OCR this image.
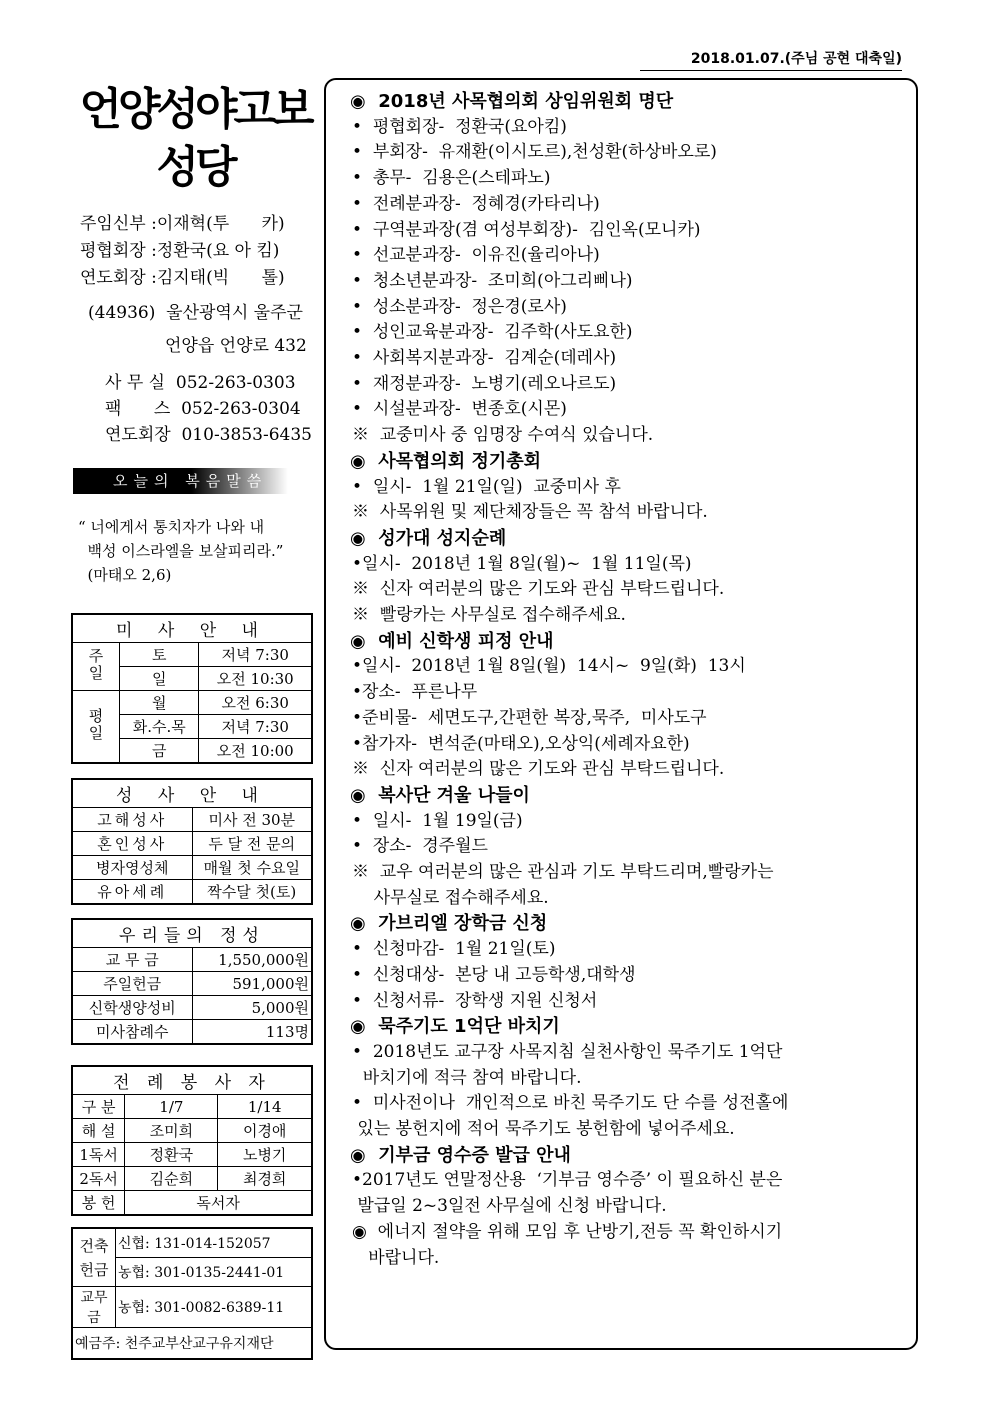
2018.01.07.(주님 공현 대축일)
언양성야고보
성당
주임신부 :이재혁(투      카)
평협회장 :정환국(요 아 킴)
연도회장 :김지태(빅      톨)
(44936)  울산광역시 울주군
언양읍 언양로 432
사 무 실  052-263-0303
팩      스  052-263-0304
연도회장  010-3853-6435
오늘의 복음말씀
“ 너에게서 통치자가 나와 내
백성 이스라엘을 보살피리라.”
(마태오 2,6)
미 사 안 내		
주일	토	저녁 7:30
	일	오전 10:30
평일	월	오전 6:30
	화.수.목	저녁 7:30
	금	오전 10:00
성 사 안 내	
고해성사	미사 전 30분
혼인성사	두 달 전 문의
병자영성체	매월 첫 수요일
유아세례	짝수달 첫(토)
우리들의 정성	
교 무 금	1,550,000원
주일헌금	591,000원
신학생양성비	5,000원
미사참례수	113명
전 례 봉 사 자		
구 분	1/7	1/14
해 설	조미희	이경애
1독서	정환국	노병기
2독서	김순희	최경희
봉 헌	독서자	
건축헌금	신협: 131-014-152057
	농협: 301-0135-2441-01
교무금	농협: 301-0082-6389-11
예금주: 천주교부산교구유지재단	
◉  2018년 사목협의회 상임위원회 명단
•  평협회장-  정환국(요아킴)
•  부회장-  유재환(이시도르),천성환(하상바오로)
•  총무-  김용은(스테파노)
•  전례분과장-  정혜경(카타리나)
•  구역분과장(겸 여성부회장)-  김인옥(모니카)
•  선교분과장-  이유진(율리아나)
•  청소년분과장-  조미희(아그리삐나)
•  성소분과장-  정은경(로사)
•  성인교육분과장-  김주학(사도요한)
•  사회복지분과장-  김계순(데레사)
•  재정분과장-  노병기(레오나르도)
•  시설분과장-  변종호(시몬)
※  교중미사 중 임명장 수여식 있습니다.
◉  사목협의회 정기총회
•  일시-  1월 21일(일)  교중미사 후
※  사목위원 및 제단체장들은 꼭 참석 바랍니다.
◉  성가대 성지순례
•일시-  2018년 1월 8일(월)~  1월 11일(목)
※  신자 여러분의 많은 기도와 관심 부탁드립니다.
※  빨랑카는 사무실로 접수해주세요.
◉  예비 신학생 피정 안내
•일시-  2018년 1월 8일(월)  14시~  9일(화)  13시
•장소-  푸른나무
•준비물-  세면도구,간편한 복장,묵주,  미사도구
•참가자-  변석준(마태오),오상익(세례자요한)
※  신자 여러분의 많은 기도와 관심 부탁드립니다.
◉  복사단 겨울 나들이
•  일시-  1월 19일(금)
•  장소-  경주월드
※  교우 여러분의 많은 관심과 기도 부탁드리며,빨랑카는
사무실로 접수해주세요.
◉  가브리엘 장학금 신청
•  신청마감-  1월 21일(토)
•  신청대상-  본당 내 고등학생,대학생
•  신청서류-  장학생 지원 신청서
◉  묵주기도 1억단 바치기
•  2018년도 교구장 사목지침 실천사항인 묵주기도 1억단
바치기에 적극 참여 바랍니다.
•  미사전이나  개인적으로 바친 묵주기도 단 수를 성전홀에
있는 봉헌지에 적어 묵주기도 봉헌함에 넣어주세요.
◉  기부금 영수증 발급 안내
•2017년도 연말정산용  ‘기부금 영수증’ 이 필요하신 분은
발급일 2~3일전 사무실에 신청 바랍니다.
◉  에너지 절약을 위해 모임 후 난방기,전등 꼭 확인하시기
바랍니다.
